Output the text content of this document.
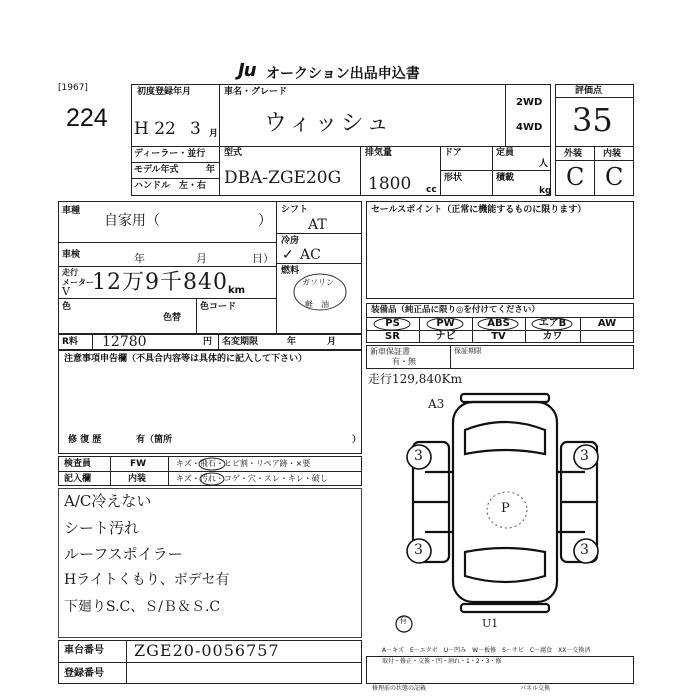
[1967]
Ju オークション出品申込書
224
初度登録年月
H 22 3 月
車名・グレード
ウィッシュ
2WD
4WD
ディーラー・並行
モデル年式	年
ハンドル　左・右
型式
DBA-ZGE20G
排気量
1800 cc
ドア	定員
人
形状	積載
kg
評価点
35
外装 内装
C C
車種
自家用（	）
車検	年	月	日）
走行
メーター
V 12万9千840 km
色
色替
色コード
シフト
AT
冷房
✓ AC
燃料
ガソリン
軽　油
R料 12780	円 名変期限	年	月
注意事項申告欄（不具合内容等は具体的に記入して下さい）
修 復 歴	有（箇所	）
セールスポイント（正常に機能するものに限ります）
装備品（純正品に限り◎を付けてください）
PS	PW	ABS	エアB	AW
SR	ナビ	TV	カワ
新車保証書
有・無
保証期限
走行129,840Km
検査員
記入欄
FW	キズ・飛石・ヒビ割・リペア跡・×要
内装	キズ・汚れ・コゲ・穴・スレ・キレ・破し
A/C冷えない
シート汚れ
ルーフスポイラー
Hライトくもり、ボデセ有
下廻りS.C、Ｓ/Ｂ＆Ｓ.C
A3
3	3
3	3
P
U1
有
A－キズ　E－エクボ　U－凹み　W－板修　S－サビ　C－腐食　XX－交換済
取付・修正・交換・凹・割れ・1・2・3・修
車台番号 ZGE20-0056757
登録番号
修理前の状態の記載	パネル交換
